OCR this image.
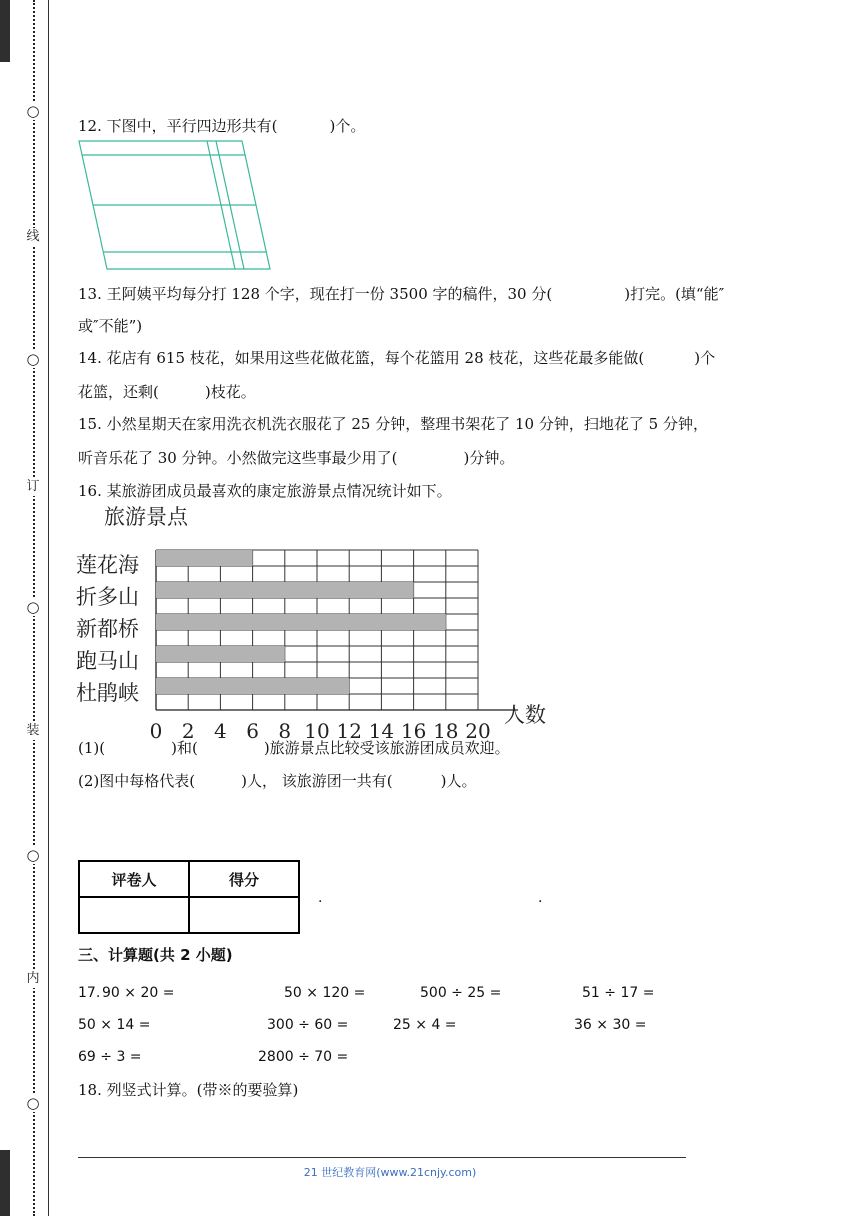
○
线
○
订
○
装
○
内
○
12. 下图中，平行四边形共有(	)个。
13. 王阿姨平均每分打 128 个字，现在打一份 3500 字的稿件，30 分(	)打完。(填“能″
或″不能”)
14. 花店有 615 枝花，如果用这些花做花篮，每个花篮用 28 枝花，这些花最多能做(	)个
花篮，还剩(	)枝花。
15. 小然星期天在家用洗衣机洗衣服花了 25 分钟，整理书架花了 10 分钟，扫地花了 5 分钟，
听音乐花了 30 分钟。小然做完这些事最少用了(	)分钟。
16. 某旅游团成员最喜欢的康定旅游景点情况统计如下。
旅游景点
莲花海
折多山
新都桥
跑马山
杜鹃峡
0 2 4 6 8 10 12 14 16 18 20
人数
(1)(	)和(	)旅游景点比较受该旅游团成员欢迎。
(2)图中每格代表(	)人， 该旅游团一共有(	)人。
评卷人	得分

.	.
三、计算题(共 2 小题)
17. 90 × 20 =	50 × 120 =	500 ÷ 25 =	51 ÷ 17 =
50 × 14 =	300 ÷ 60 =	25 × 4 =	36 × 30 =
69 ÷ 3 =	2800 ÷ 70 =
18. 列竖式计算。(带※的要验算)
21 世纪教育网(www.21cnjy.com)
